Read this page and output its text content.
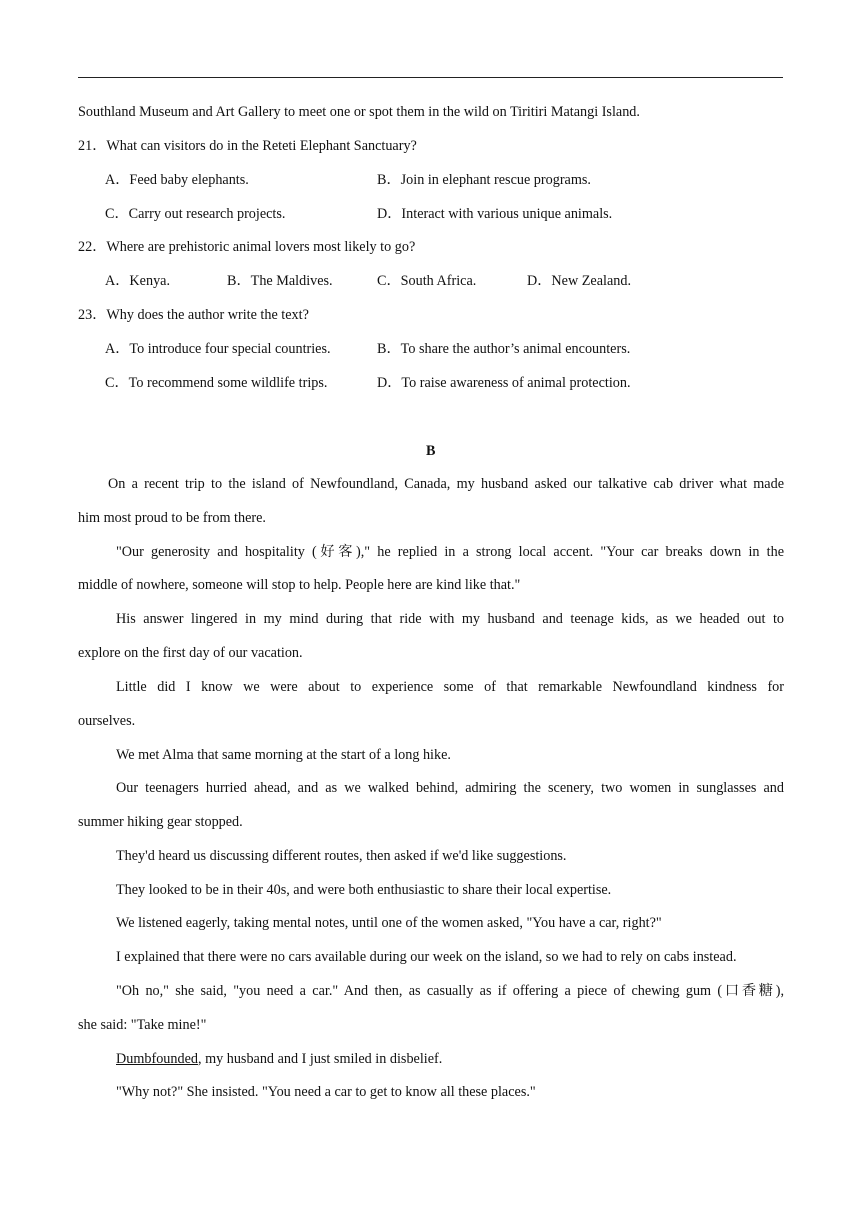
Southland Museum and Art Gallery to meet one or spot them in the wild on Tiritiri Matangi Island.
21．What can visitors do in the Reteti Elephant Sanctuary?
A．Feed baby elephants.	B．Join in elephant rescue programs.
C．Carry out research projects.	D．Interact with various unique animals.
22．Where are prehistoric animal lovers most likely to go?
A．Kenya.	B．The Maldives.	C．South Africa.	D．New Zealand.
23．Why does the author write the text?
A．To introduce four special countries.	B．To share the author’s animal encounters.
C．To recommend some wildlife trips.	D．To raise awareness of animal protection.
B
On a recent trip to the island of Newfoundland, Canada, my husband asked our talkative cab driver what made
him most proud to be from there.
"Our generosity and hospitality (好客)," he replied in a strong local accent. "Your car breaks down in the
middle of nowhere, someone will stop to help. People here are kind like that."
His answer lingered in my mind during that ride with my husband and teenage kids, as we headed out to
explore on the first day of our vacation.
Little did I know we were about to experience some of that remarkable Newfoundland kindness for
ourselves.
We met Alma that same morning at the start of a long hike.
Our teenagers hurried ahead, and as we walked behind, admiring the scenery, two women in sunglasses and
summer hiking gear stopped.
They'd heard us discussing different routes, then asked if we'd like suggestions.
They looked to be in their 40s, and were both enthusiastic to share their local expertise.
We listened eagerly, taking mental notes, until one of the women asked, "You have a car, right?"
I explained that there were no cars available during our week on the island, so we had to rely on cabs instead.
"Oh no," she said, "you need a car." And then, as casually as if offering a piece of chewing gum (口香糖),
she said: "Take mine!"
Dumbfounded, my husband and I just smiled in disbelief.
"Why not?" She insisted. "You need a car to get to know all these places."
